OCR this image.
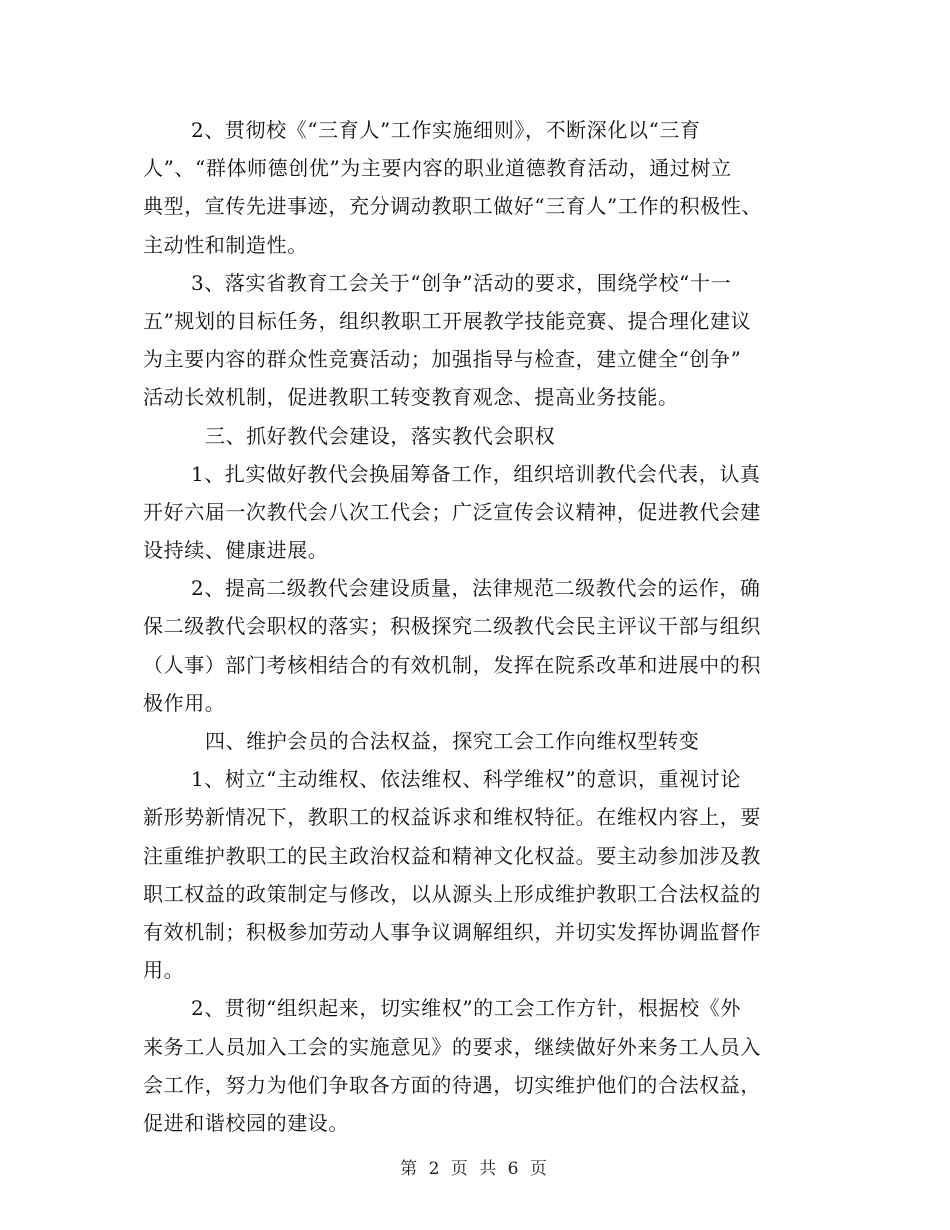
2、贯彻校《“三育人”工作实施细则》，不断深化以“三育
人”、“群体师德创优”为主要内容的职业道德教育活动，通过树立
典型，宣传先进事迹，充分调动教职工做好“三育人”工作的积极性、
主动性和制造性。
3、落实省教育工会关于“创争”活动的要求，围绕学校“十一
五”规划的目标任务，组织教职工开展教学技能竞赛、提合理化建议
为主要内容的群众性竞赛活动；加强指导与检查，建立健全“创争”
活动长效机制，促进教职工转变教育观念、提高业务技能。
三、抓好教代会建设，落实教代会职权
1、扎实做好教代会换届筹备工作，组织培训教代会代表，认真
开好六届一次教代会八次工代会；广泛宣传会议精神，促进教代会建
设持续、健康进展。
2、提高二级教代会建设质量，法律规范二级教代会的运作，确
保二级教代会职权的落实；积极探究二级教代会民主评议干部与组织
（人事）部门考核相结合的有效机制，发挥在院系改革和进展中的积
极作用。
四、维护会员的合法权益，探究工会工作向维权型转变
1、树立“主动维权、依法维权、科学维权”的意识，重视讨论
新形势新情况下，教职工的权益诉求和维权特征。在维权内容上，要
注重维护教职工的民主政治权益和精神文化权益。要主动参加涉及教
职工权益的政策制定与修改，以从源头上形成维护教职工合法权益的
有效机制；积极参加劳动人事争议调解组织，并切实发挥协调监督作
用。
2、贯彻“组织起来，切实维权”的工会工作方针，根据校《外
来务工人员加入工会的实施意见》的要求，继续做好外来务工人员入
会工作，努力为他们争取各方面的待遇，切实维护他们的合法权益，
促进和谐校园的建设。
第 2 页 共 6 页
